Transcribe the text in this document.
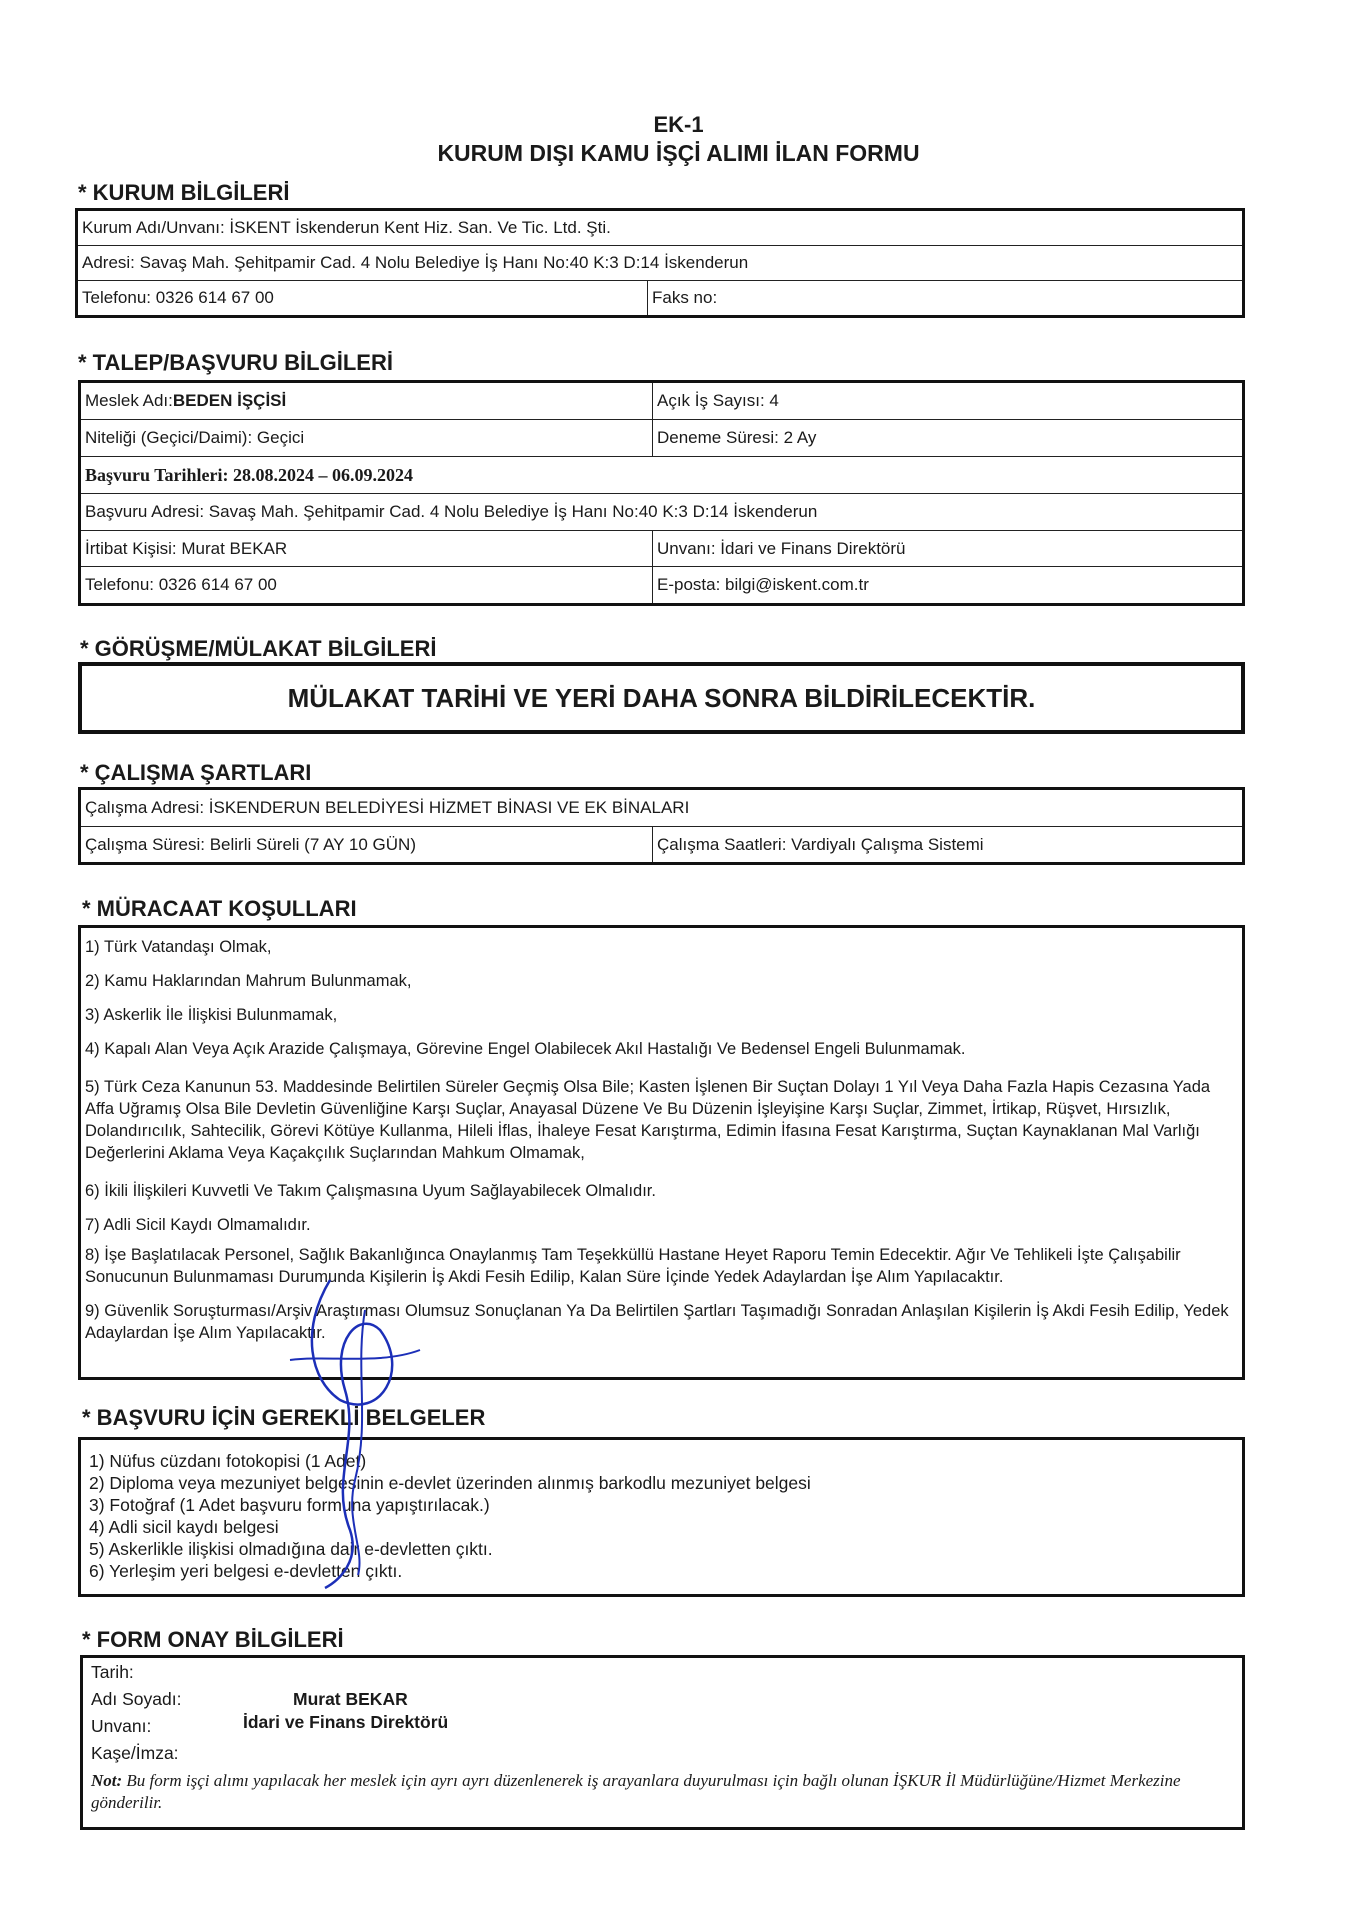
EK-1
KURUM DIŞI KAMU İŞÇİ ALIMI İLAN FORMU
* KURUM BİLGİLERİ
Kurum Adı/Unvanı: İSKENT İskenderun Kent Hiz. San. Ve Tic. Ltd. Şti.
Adresi: Savaş Mah. Şehitpamir Cad. 4 Nolu Belediye İş Hanı No:40 K:3 D:14 İskenderun
Telefonu: 0326 614 67 00	Faks no:
* TALEP/BAŞVURU BİLGİLERİ
Meslek Adı: BEDEN İŞÇİSİ	Açık İş Sayısı: 4
Niteliği (Geçici/Daimi): Geçici	Deneme Süresi: 2 Ay
Başvuru Tarihleri: 28.08.2024 – 06.09.2024
Başvuru Adresi: Savaş Mah. Şehitpamir Cad. 4 Nolu Belediye İş Hanı No:40 K:3 D:14 İskenderun
İrtibat Kişisi: Murat BEKAR	Unvanı: İdari ve Finans Direktörü
Telefonu: 0326 614 67 00	E-posta: bilgi@iskent.com.tr
* GÖRÜŞME/MÜLAKAT BİLGİLERİ
MÜLAKAT TARİHİ VE YERİ DAHA SONRA BİLDİRİLECEKTİR.
* ÇALIŞMA ŞARTLARI
Çalışma Adresi: İSKENDERUN BELEDİYESİ HİZMET BİNASI VE EK BİNALARI
Çalışma Süresi: Belirli Süreli (7 AY 10 GÜN)	Çalışma Saatleri: Vardiyalı Çalışma Sistemi
* MÜRACAAT KOŞULLARI

1) Türk Vatandaşı Olmak,

2) Kamu Haklarından Mahrum Bulunmamak,

3) Askerlik İle İlişkisi Bulunmamak,

4) Kapalı Alan Veya Açık Arazide Çalışmaya, Görevine Engel Olabilecek Akıl Hastalığı Ve Bedensel Engeli Bulunmamak.

5) Türk Ceza Kanunun 53. Maddesinde Belirtilen Süreler Geçmiş Olsa Bile; Kasten İşlenen Bir Suçtan Dolayı 1 Yıl Veya Daha Fazla Hapis Cezasına Yada Affa Uğramış Olsa Bile Devletin Güvenliğine Karşı Suçlar, Anayasal Düzene Ve Bu Düzenin İşleyişine Karşı Suçlar, Zimmet, İrtikap, Rüşvet, Hırsızlık, Dolandırıcılık, Sahtecilik, Görevi Kötüye Kullanma, Hileli İflas, İhaleye Fesat Karıştırma, Edimin İfasına Fesat Karıştırma, Suçtan Kaynaklanan Mal Varlığı Değerlerini Aklama Veya Kaçakçılık Suçlarından Mahkum Olmamak,

6) İkili İlişkileri Kuvvetli Ve Takım Çalışmasına Uyum Sağlayabilecek Olmalıdır.

7) Adli Sicil Kaydı Olmamalıdır.

8) İşe Başlatılacak Personel, Sağlık Bakanlığınca Onaylanmış Tam Teşekküllü Hastane Heyet Raporu Temin Edecektir. Ağır Ve Tehlikeli İşte Çalışabilir Sonucunun Bulunmaması Durumunda Kişilerin İş Akdi Fesih Edilip, Kalan Süre İçinde Yedek Adaylardan İşe Alım Yapılacaktır.

9) Güvenlik Soruşturması/Arşiv Araştırması Olumsuz Sonuçlanan Ya Da Belirtilen Şartları Taşımadığı Sonradan Anlaşılan Kişilerin İş Akdi Fesih Edilip, Yedek Adaylardan İşe Alım Yapılacaktır.

* BAŞVURU İÇİN GEREKLİ BELGELER

1) Nüfus cüzdanı fotokopisi (1 Adet)

2) Diploma veya mezuniyet belgesinin e-devlet üzerinden alınmış barkodlu mezuniyet belgesi

3) Fotoğraf (1 Adet başvuru formuna yapıştırılacak.)

4) Adli sicil kaydı belgesi

5) Askerlikle ilişkisi olmadığına dair e-devletten çıktı.

6) Yerleşim yeri belgesi e-devletten çıktı.

* FORM ONAY BİLGİLERİ
Tarih:
Adı Soyadı:	Murat BEKAR
Unvanı:	İdari ve Finans Direktörü
Kaşe/İmza:
Not: Bu form işçi alımı yapılacak her meslek için ayrı ayrı düzenlenerek iş arayanlara duyurulması için bağlı olunan İŞKUR İl Müdürlüğüne/Hizmet Merkezine gönderilir.
